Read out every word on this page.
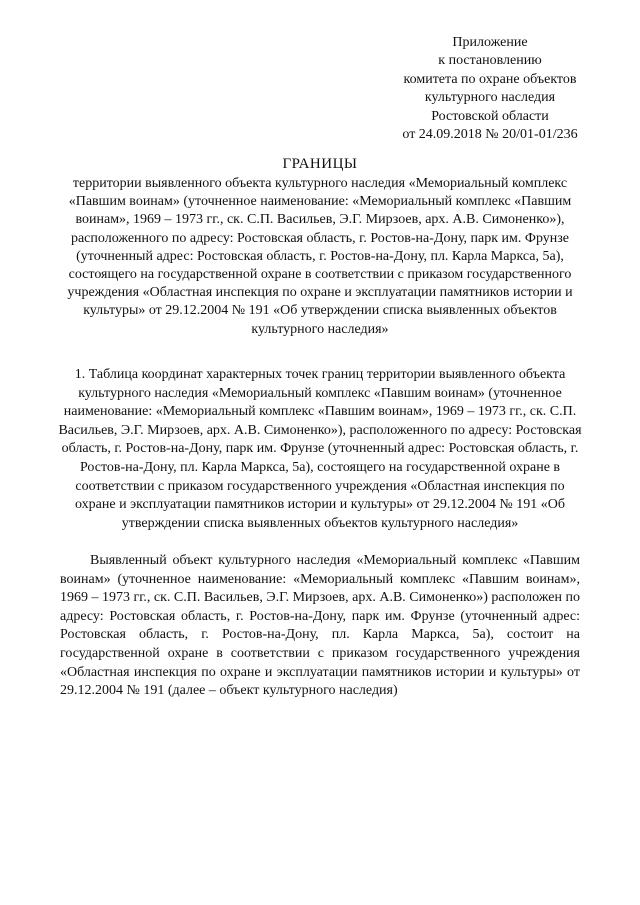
Приложение
к постановлению
комитета по охране объектов
культурного наследия
Ростовской области
от 24.09.2018 № 20/01-01/236
ГРАНИЦЫ

территории выявленного объекта культурного наследия «Мемориальный комплекс «Павшим воинам» (уточненное наименование: «Мемориальный комплекс «Павшим воинам», 1969 – 1973 гг., ск. С.П. Васильев, Э.Г. Мирзоев, арх. А.В. Симоненко»), расположенного по адресу: Ростовская область, г. Ростов-на-Дону, парк им. Фрунзе (уточненный адрес: Ростовская область, г. Ростов-на-Дону, пл. Карла Маркса, 5а), состоящего на государственной охране в соответствии с приказом государственного учреждения «Областная инспекция по охране и эксплуатации памятников истории и культуры» от 29.12.2004 № 191 «Об утверждении списка выявленных объектов культурного наследия»

1. Таблица координат характерных точек границ территории выявленного объекта культурного наследия «Мемориальный комплекс «Павшим воинам» (уточненное наименование: «Мемориальный комплекс «Павшим воинам», 1969 – 1973 гг., ск. С.П. Васильев, Э.Г. Мирзоев, арх. А.В. Симоненко»), расположенного по адресу: Ростовская область, г. Ростов-на-Дону, парк им. Фрунзе (уточненный адрес: Ростовская область, г. Ростов-на-Дону, пл. Карла Маркса, 5а), состоящего на государственной охране в соответствии с приказом государственного учреждения «Областная инспекция по охране и эксплуатации памятников истории и культуры» от 29.12.2004 № 191 «Об утверждении списка выявленных объектов культурного наследия»

Выявленный объект культурного наследия «Мемориальный комплекс «Павшим воинам» (уточненное наименование: «Мемориальный комплекс «Павшим воинам», 1969 – 1973 гг., ск. С.П. Васильев, Э.Г. Мирзоев, арх. А.В. Симоненко») расположен по адресу: Ростовская область, г. Ростов-на-Дону, парк им. Фрунзе (уточненный адрес: Ростовская область, г. Ростов-на-Дону, пл. Карла Маркса, 5а), состоит на государственной охране в соответствии с приказом государственного учреждения «Областная инспекция по охране и эксплуатации памятников истории и культуры» от 29.12.2004 № 191 (далее – объект культурного наследия)
